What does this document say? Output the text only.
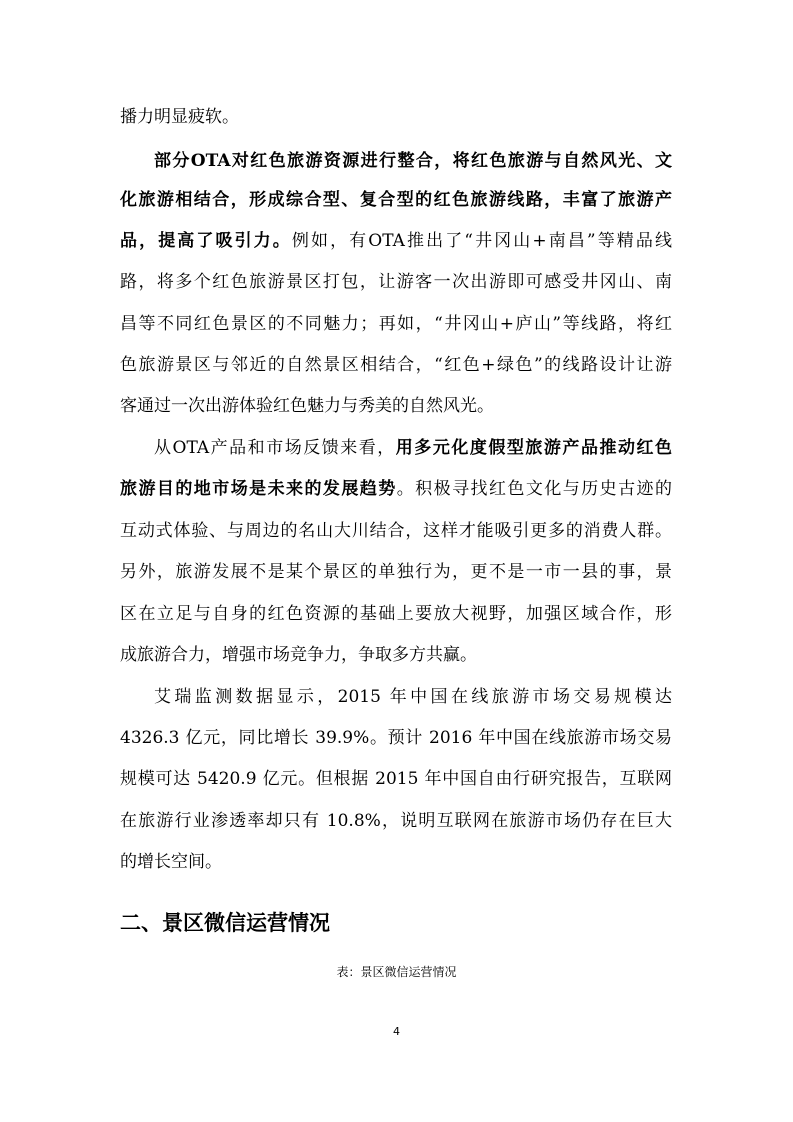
播力明显疲软。
部分OTA对红色旅游资源进行整合，将红色旅游与自然风光、文
化旅游相结合，形成综合型、复合型的红色旅游线路，丰富了旅游产
品，提高了吸引力。例如，有OTA推出了“井冈山+南昌”等精品线
路，将多个红色旅游景区打包，让游客一次出游即可感受井冈山、南
昌等不同红色景区的不同魅力；再如，“井冈山+庐山”等线路，将红
色旅游景区与邻近的自然景区相结合，“红色+绿色”的线路设计让游
客通过一次出游体验红色魅力与秀美的自然风光。
从OTA产品和市场反馈来看，用多元化度假型旅游产品推动红色
旅游目的地市场是未来的发展趋势。积极寻找红色文化与历史古迹的
互动式体验、与周边的名山大川结合，这样才能吸引更多的消费人群。
另外，旅游发展不是某个景区的单独行为，更不是一市一县的事，景
区在立足与自身的红色资源的基础上要放大视野，加强区域合作，形
成旅游合力，增强市场竞争力，争取多方共赢。
艾瑞监测数据显示，2015 年中国在线旅游市场交易规模达
4326.3 亿元，同比增长 39.9%。预计 2016 年中国在线旅游市场交易
规模可达 5420.9 亿元。但根据 2015 年中国自由行研究报告，互联网
在旅游行业渗透率却只有 10.8%，说明互联网在旅游市场仍存在巨大
的增长空间。
二、景区微信运营情况
表：景区微信运营情况
4
